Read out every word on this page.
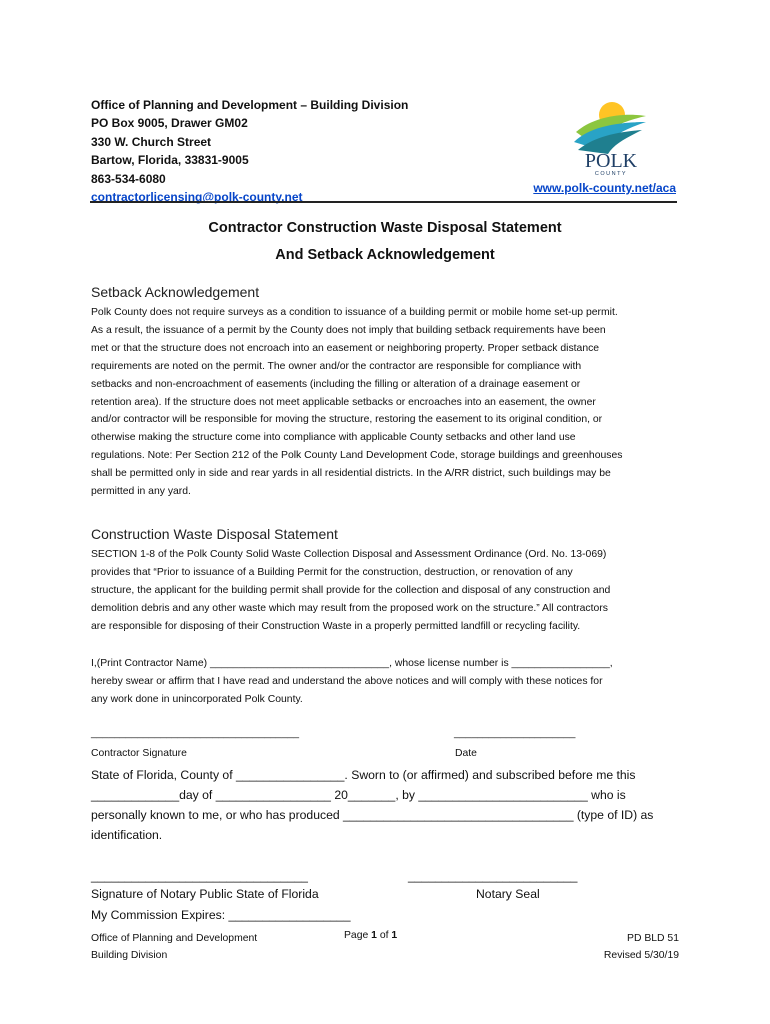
Office of Planning and Development – Building Division
PO Box 9005, Drawer GM02
330 W. Church Street
Bartow, Florida, 33831-9005
863-534-6080
contractorlicensing@polk-county.net
POLK
COUNTY
www.polk-county.net/aca
Contractor Construction Waste Disposal Statement
And Setback Acknowledgement
Setback Acknowledgement
Polk County does not require surveys as a condition to issuance of a building permit or mobile home set-up permit.
As a result, the issuance of a permit by the County does not imply that building setback requirements have been
met or that the structure does not encroach into an easement or neighboring property. Proper setback distance
requirements are noted on the permit. The owner and/or the contractor are responsible for compliance with
setbacks and non-encroachment of easements (including the filling or alteration of a drainage easement or
retention area). If the structure does not meet applicable setbacks or encroaches into an easement, the owner
and/or contractor will be responsible for moving the structure, restoring the easement to its original condition, or
otherwise making the structure come into compliance with applicable County setbacks and other land use
regulations. Note: Per Section 212 of the Polk County Land Development Code, storage buildings and greenhouses
shall be permitted only in side and rear yards in all residential districts. In the A/RR district, such buildings may be
permitted in any yard.
Construction Waste Disposal Statement
SECTION 1-8 of the Polk County Solid Waste Collection Disposal and Assessment Ordinance (Ord. No. 13-069)
provides that “Prior to issuance of a Building Permit for the construction, destruction, or renovation of any
structure, the applicant for the building permit shall provide for the collection and disposal of any construction and
demolition debris and any other waste which may result from the proposed work on the structure.” All contractors
are responsible for disposing of their Construction Waste in a properly permitted landfill or recycling facility.
I,(Print Contractor Name) _______________________________, whose license number is _________________,
hereby swear or affirm that I have read and understand the above notices and will comply with these notices for
any work done in unincorporated Polk County.
____________________________________	_____________________
Contractor Signature	Date
State of Florida, County of ________________. Sworn to (or affirmed) and subscribed before me this
_____________day of _________________ 20_______, by _________________________ who is
personally known to me, or who has produced __________________________________ (type of ID) as
identification.
________________________________	_________________________
Signature of Notary Public State of Florida	Notary Seal
My Commission Expires: __________________
Office of Planning and Development
Building Division
Page 1 of 1	PD BLD 51
Revised 5/30/19
